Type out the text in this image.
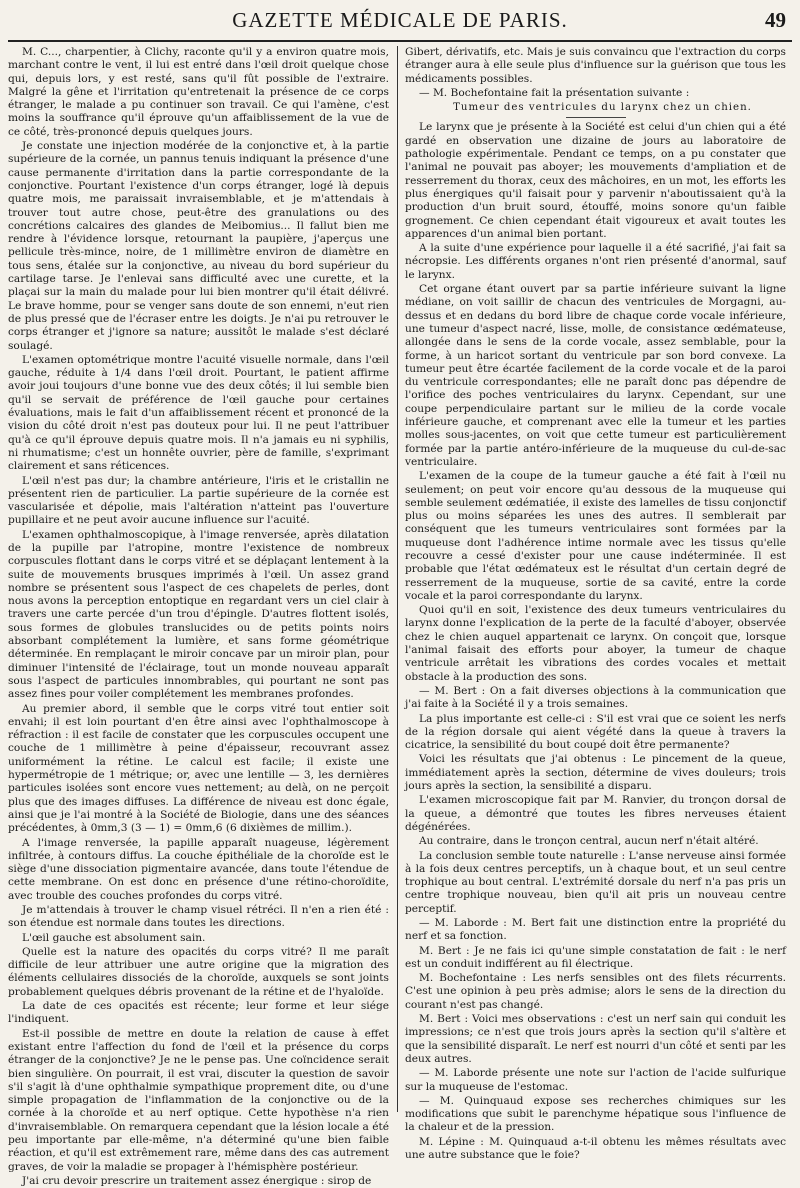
GAZETTE MÉDICALE DE PARIS.	49

M. C..., charpentier, à Clichy, raconte qu'il y a environ quatre mois, marchant contre le vent, il lui est entré dans l'œil droit quelque chose qui, depuis lors, y est resté, sans qu'il fût possible de l'extraire. Malgré la gêne et l'irritation qu'entretenait la présence de ce corps étranger, le malade a pu continuer son travail. Ce qui l'amène, c'est moins la souffrance qu'il éprouve qu'un affaiblissement de la vue de ce côté, très-prononcé depuis quelques jours.

Je constate une injection modérée de la conjonctive et, à la partie supérieure de la cornée, un pannus tenuis indiquant la présence d'une cause permanente d'irritation dans la partie correspondante de la conjonctive. Pourtant l'existence d'un corps étranger, logé là depuis quatre mois, me paraissait invraisemblable, et je m'attendais à trouver tout autre chose, peut-être des granulations ou des concrétions calcaires des glandes de Meibomius... Il fallut bien me rendre à l'évidence lorsque, retournant la paupière, j'aperçus une pellicule très-mince, noire, de 1 millimètre environ de diamètre en tous sens, étalée sur la conjonctive, au niveau du bord supérieur du cartilage tarse. Je l'enlevai sans difficulté avec une curette, et la plaçai sur la main du malade pour lui bien montrer qu'il était délivré. Le brave homme, pour se venger sans doute de son ennemi, n'eut rien de plus pressé que de l'écraser entre les doigts. Je n'ai pu retrouver le corps étranger et j'ignore sa nature; aussitôt le malade s'est déclaré soulagé.

L'examen optométrique montre l'acuité visuelle normale, dans l'œil gauche, réduite à 1/4 dans l'œil droit. Pourtant, le patient affirme avoir joui toujours d'une bonne vue des deux côtés; il lui semble bien qu'il se servait de préférence de l'œil gauche pour certaines évaluations, mais le fait d'un affaiblissement récent et prononcé de la vision du côté droit n'est pas douteux pour lui. Il ne peut l'attribuer qu'à ce qu'il éprouve depuis quatre mois. Il n'a jamais eu ni syphilis, ni rhumatisme; c'est un honnête ouvrier, père de famille, s'exprimant clairement et sans réticences.

L'œil n'est pas dur; la chambre antérieure, l'iris et le cristallin ne présentent rien de particulier. La partie supérieure de la cornée est vascularisée et dépolie, mais l'altération n'atteint pas l'ouverture pupillaire et ne peut avoir aucune influence sur l'acuité.

L'examen ophthalmoscopique, à l'image renversée, après dilatation de la pupille par l'atropine, montre l'existence de nombreux corpuscules flottant dans le corps vitré et se déplaçant lentement à la suite de mouvements brusques imprimés à l'œil. Un assez grand nombre se présentent sous l'aspect de ces chapelets de perles, dont nous avons la perception entoptique en regardant vers un ciel clair à travers une carte percée d'un trou d'épingle. D'autres flottent isolés, sous formes de globules translucides ou de petits points noirs absorbant complétement la lumière, et sans forme géométrique déterminée. En remplaçant le miroir concave par un miroir plan, pour diminuer l'intensité de l'éclairage, tout un monde nouveau apparaît sous l'aspect de particules innombrables, qui pourtant ne sont pas assez fines pour voiler complétement les membranes profondes.

Au premier abord, il semble que le corps vitré tout entier soit envahi; il est loin pourtant d'en être ainsi avec l'ophthalmoscope à réfraction : il est facile de constater que les corpuscules occupent une couche de 1 millimètre à peine d'épaisseur, recouvrant assez uniformément la rétine. Le calcul est facile; il existe une hypermétropie de 1 métrique; or, avec une lentille — 3, les dernières particules isolées sont encore vues nettement; au delà, on ne perçoit plus que des images diffuses. La différence de niveau est donc égale, ainsi que je l'ai montré à la Société de Biologie, dans une des séances précédentes, à 0mm,3 (3 — 1) = 0mm,6 (6 dixièmes de millim.).

A l'image renversée, la papille apparaît nuageuse, légèrement infiltrée, à contours diffus. La couche épithéliale de la choroïde est le siège d'une dissociation pigmentaire avancée, dans toute l'étendue de cette membrane. On est donc en présence d'une rétino-choroïdite, avec trouble des couches profondes du corps vitré.

Je m'attendais à trouver le champ visuel rétréci. Il n'en a rien été : son étendue est normale dans toutes les directions.

L'œil gauche est absolument sain.

Quelle est la nature des opacités du corps vitré? Il me paraît difficile de leur attribuer une autre origine que la migration des éléments cellulaires dissociés de la choroïde, auxquels se sont joints probablement quelques débris provenant de la rétine et de l'hyaloïde.

La date de ces opacités est récente; leur forme et leur siége l'indiquent.

Est-il possible de mettre en doute la relation de cause à effet existant entre l'affection du fond de l'œil et la présence du corps étranger de la conjonctive? Je ne le pense pas. Une coïncidence serait bien singulière. On pourrait, il est vrai, discuter la question de savoir s'il s'agit là d'une ophthalmie sympathique proprement dite, ou d'une simple propagation de l'inflammation de la conjonctive ou de la cornée à la choroïde et au nerf optique. Cette hypothèse n'a rien d'invraisemblable. On remarquera cependant que la lésion locale a été peu importante par elle-même, n'a déterminé qu'une bien faible réaction, et qu'il est extrêmement rare, même dans des cas autrement graves, de voir la maladie se propager à l'hémisphère postérieur.

J'ai cru devoir prescrire un traitement assez énergique : sirop de

Gibert, dérivatifs, etc. Mais je suis convaincu que l'extraction du corps étranger aura à elle seule plus d'influence sur la guérison que tous les médicaments possibles.

— M. Bochefontaine fait la présentation suivante :

Tumeur des ventricules du larynx chez un chien.

Le larynx que je présente à la Société est celui d'un chien qui a été gardé en observation une dizaine de jours au laboratoire de pathologie expérimentale. Pendant ce temps, on a pu constater que l'animal ne pouvait pas aboyer; les mouvements d'ampliation et de resserrement du thorax, ceux des mâchoires, en un mot, les efforts les plus énergiques qu'il faisait pour y parvenir n'aboutissaient qu'à la production d'un bruit sourd, étouffé, moins sonore qu'un faible grognement. Ce chien cependant était vigoureux et avait toutes les apparences d'un animal bien portant.

A la suite d'une expérience pour laquelle il a été sacrifié, j'ai fait sa nécropsie. Les différents organes n'ont rien présenté d'anormal, sauf le larynx.

Cet organe étant ouvert par sa partie inférieure suivant la ligne médiane, on voit saillir de chacun des ventricules de Morgagni, au-dessus et en dedans du bord libre de chaque corde vocale inférieure, une tumeur d'aspect nacré, lisse, molle, de consistance œdémateuse, allongée dans le sens de la corde vocale, assez semblable, pour la forme, à un haricot sortant du ventricule par son bord convexe. La tumeur peut être écartée facilement de la corde vocale et de la paroi du ventricule correspondantes; elle ne paraît donc pas dépendre de l'orifice des poches ventriculaires du larynx. Cependant, sur une coupe perpendiculaire partant sur le milieu de la corde vocale inférieure gauche, et comprenant avec elle la tumeur et les parties molles sous-jacentes, on voit que cette tumeur est particulièrement formée par la partie antéro-inférieure de la muqueuse du cul-de-sac ventriculaire.

L'examen de la coupe de la tumeur gauche a été fait à l'œil nu seulement; on peut voir encore qu'au dessous de la muqueuse qui semble seulement œdématiée, il existe des lamelles de tissu conjonctif plus ou moins séparées les unes des autres. Il semblerait par conséquent que les tumeurs ventriculaires sont formées par la muqueuse dont l'adhérence intime normale avec les tissus qu'elle recouvre a cessé d'exister pour une cause indéterminée. Il est probable que l'état œdémateux est le résultat d'un certain degré de resserrement de la muqueuse, sortie de sa cavité, entre la corde vocale et la paroi correspondante du larynx.

Quoi qu'il en soit, l'existence des deux tumeurs ventriculaires du larynx donne l'explication de la perte de la faculté d'aboyer, observée chez le chien auquel appartenait ce larynx. On conçoit que, lorsque l'animal faisait des efforts pour aboyer, la tumeur de chaque ventricule arrêtait les vibrations des cordes vocales et mettait obstacle à la production des sons.

— M. Bert : On a fait diverses objections à la communication que j'ai faite à la Société il y a trois semaines.

La plus importante est celle-ci : S'il est vrai que ce soient les nerfs de la région dorsale qui aient végété dans la queue à travers la cicatrice, la sensibilité du bout coupé doit être permanente?

Voici les résultats que j'ai obtenus : Le pincement de la queue, immédiatement après la section, détermine de vives douleurs; trois jours après la section, la sensibilité a disparu.

L'examen microscopique fait par M. Ranvier, du tronçon dorsal de la queue, a démontré que toutes les fibres nerveuses étaient dégénérées.

Au contraire, dans le tronçon central, aucun nerf n'était altéré.

La conclusion semble toute naturelle : L'anse nerveuse ainsi formée à la fois deux centres perceptifs, un à chaque bout, et un seul centre trophique au bout central. L'extrémité dorsale du nerf n'a pas pris un centre trophique nouveau, bien qu'il ait pris un nouveau centre perceptif.

— M. Laborde : M. Bert fait une distinction entre la propriété du nerf et sa fonction.

M. Bert : Je ne fais ici qu'une simple constatation de fait : le nerf est un conduit indifférent au fil électrique.

M. Bochefontaine : Les nerfs sensibles ont des filets récurrents. C'est une opinion à peu près admise; alors le sens de la direction du courant n'est pas changé.

M. Bert : Voici mes observations : c'est un nerf sain qui conduit les impressions; ce n'est que trois jours après la section qu'il s'altère et que la sensibilité disparaît. Le nerf est nourri d'un côté et senti par les deux autres.

— M. Laborde présente une note sur l'action de l'acide sulfurique sur la muqueuse de l'estomac.

— M. Quinquaud expose ses recherches chimiques sur les modifications que subit le parenchyme hépatique sous l'influence de la chaleur et de la pression.

M. Lépine : M. Quinquaud a-t-il obtenu les mêmes résultats avec une autre substance que le foie?
